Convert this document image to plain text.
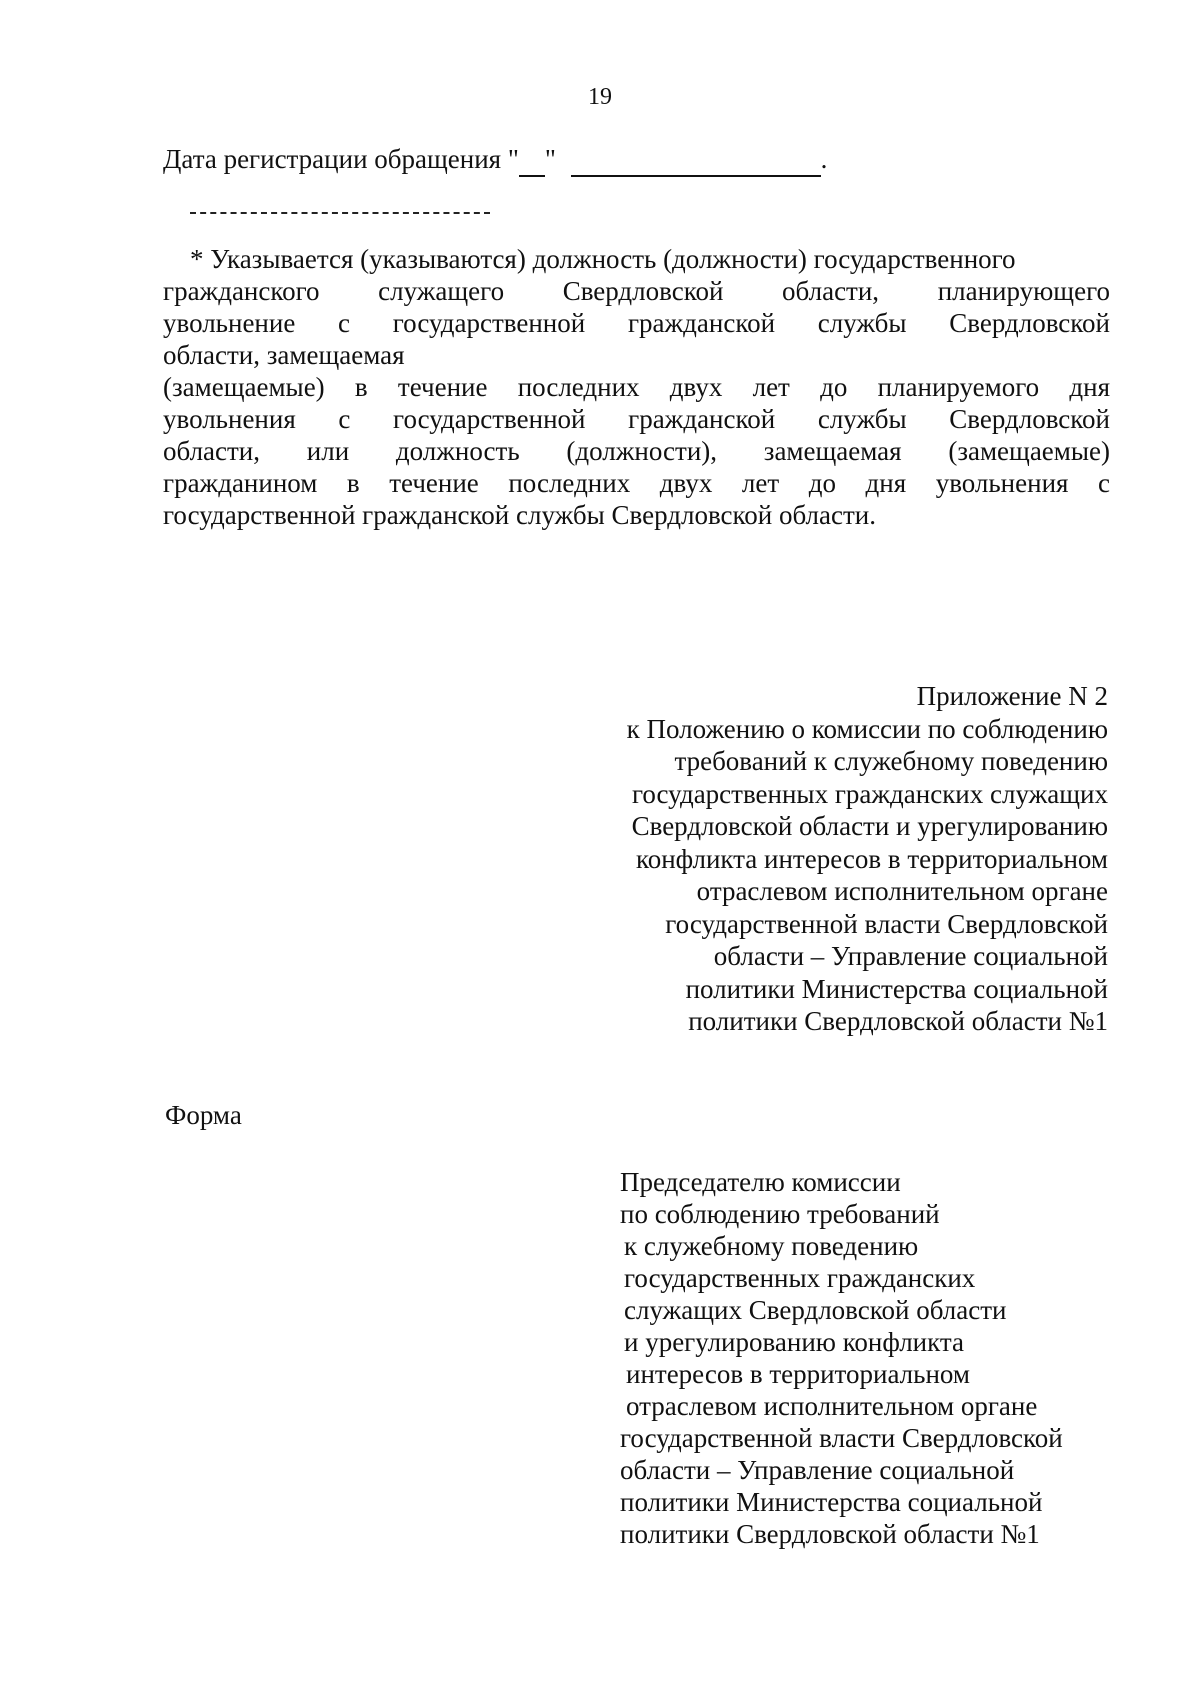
19
Дата регистрации обращения " "	.
* Указывается (указываются) должность (должности) государственного
гражданского служащего Свердловской области, планирующего
увольнение с государственной гражданской службы Свердловской
области, замещаемая
(замещаемые) в течение последних двух лет до планируемого дня
увольнения с государственной гражданской службы Свердловской
области, или должность (должности), замещаемая (замещаемые)
гражданином в течение последних двух лет до дня увольнения с
государственной гражданской службы Свердловской области.
Приложение N 2
к Положению о комиссии по соблюдению
требований к служебному поведению
государственных гражданских служащих
Свердловской области и урегулированию
конфликта интересов в территориальном
отраслевом исполнительном органе
государственной власти Свердловской
области – Управление социальной
политики Министерства социальной
политики Свердловской области №1
Форма
Председателю комиссии
по соблюдению требований
к служебному поведению
государственных гражданских
служащих Свердловской области
и урегулированию конфликта
интересов в территориальном
отраслевом исполнительном органе
государственной власти Свердловской
области – Управление социальной
политики Министерства социальной
политики Свердловской области №1
